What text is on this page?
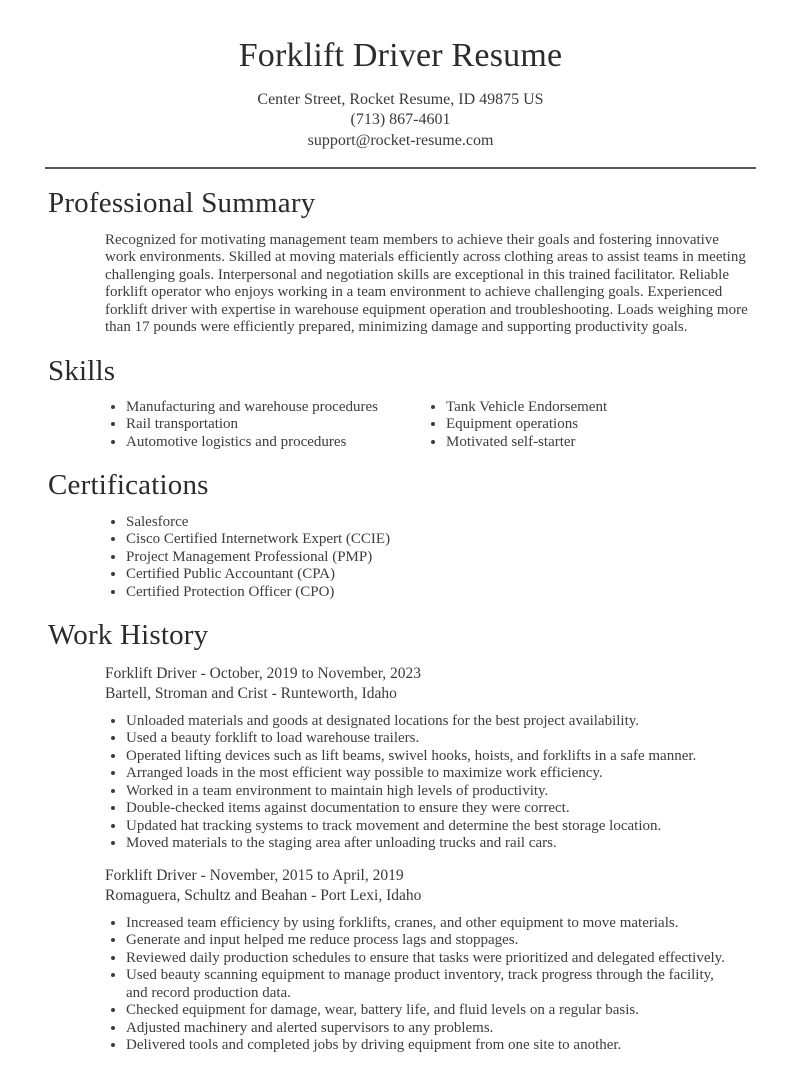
Forklift Driver Resume
Center Street, Rocket Resume, ID 49875 US
(713) 867-4601
support@rocket-resume.com
Professional Summary

Recognized for motivating management team members to achieve their goals and fostering innovative work environments. Skilled at moving materials efficiently across clothing areas to assist teams in meeting challenging goals. Interpersonal and negotiation skills are exceptional in this trained facilitator. Reliable forklift operator who enjoys working in a team environment to achieve challenging goals. Experienced forklift driver with expertise in warehouse equipment operation and troubleshooting. Loads weighing more than 17 pounds were efficiently prepared, minimizing damage and supporting productivity goals.

Skills
• Manufacturing and warehouse procedures
• Rail transportation
• Automotive logistics and procedures
• Tank Vehicle Endorsement
• Equipment operations
• Motivated self-starter
Certifications
• Salesforce
• Cisco Certified Internetwork Expert (CCIE)
• Project Management Professional (PMP)
• Certified Public Accountant (CPA)
• Certified Protection Officer (CPO)
Work History
Forklift Driver - October, 2019 to November, 2023
Bartell, Stroman and Crist - Runteworth, Idaho
• Unloaded materials and goods at designated locations for the best project availability.
• Used a beauty forklift to load warehouse trailers.
• Operated lifting devices such as lift beams, swivel hooks, hoists, and forklifts in a safe manner.
• Arranged loads in the most efficient way possible to maximize work efficiency.
• Worked in a team environment to maintain high levels of productivity.
• Double-checked items against documentation to ensure they were correct.
• Updated hat tracking systems to track movement and determine the best storage location.
• Moved materials to the staging area after unloading trucks and rail cars.
Forklift Driver - November, 2015 to April, 2019
Romaguera, Schultz and Beahan - Port Lexi, Idaho
• Increased team efficiency by using forklifts, cranes, and other equipment to move materials.
• Generate and input helped me reduce process lags and stoppages.
• Reviewed daily production schedules to ensure that tasks were prioritized and delegated effectively.
• Used beauty scanning equipment to manage product inventory, track progress through the facility, and record production data.
• Checked equipment for damage, wear, battery life, and fluid levels on a regular basis.
• Adjusted machinery and alerted supervisors to any problems.
• Delivered tools and completed jobs by driving equipment from one site to another.
